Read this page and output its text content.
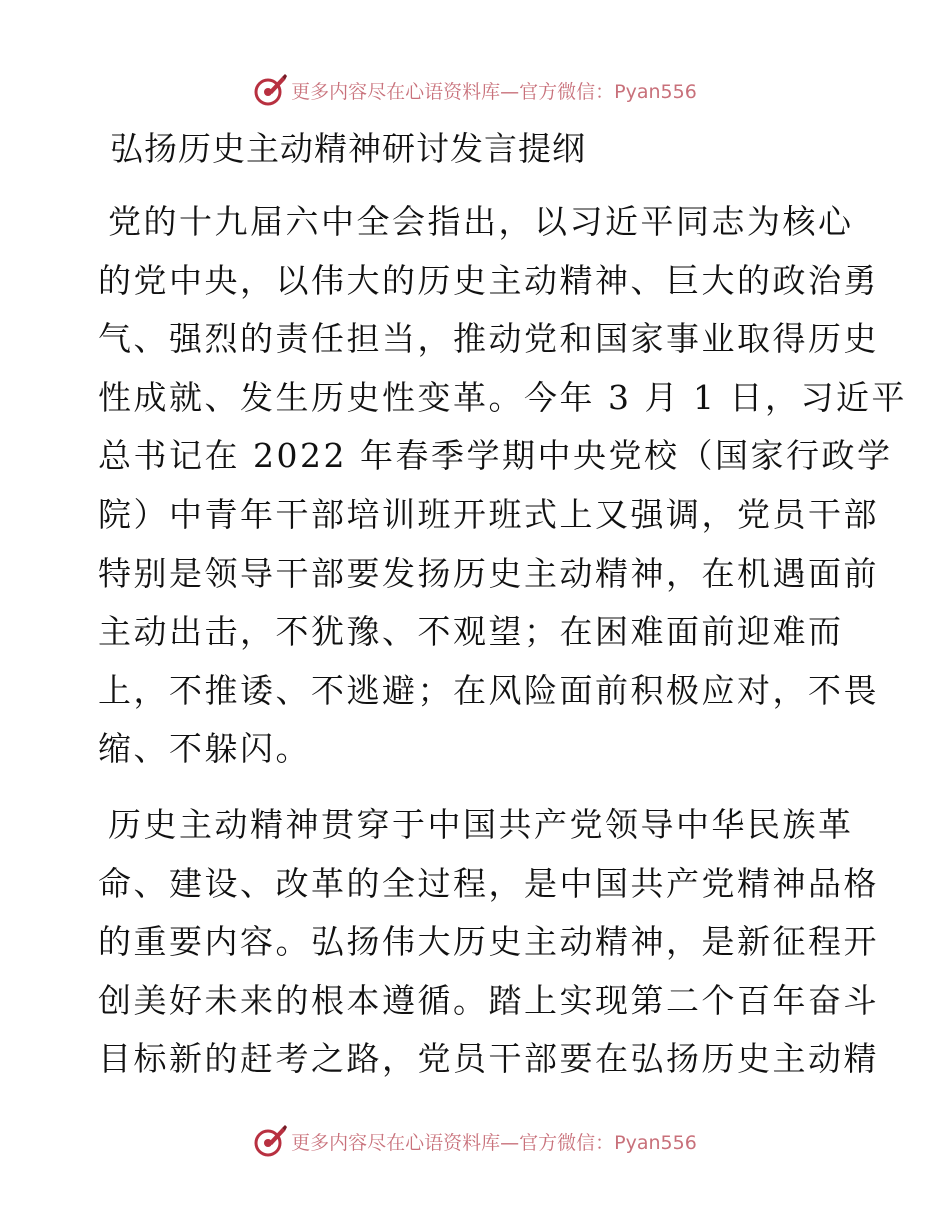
更多内容尽在心语资料库—官方微信：Pyan556
弘扬历史主动精神研讨发言提纲
党的十九届六中全会指出，以习近平同志为核心
的党中央，以伟大的历史主动精神、巨大的政治勇
气、强烈的责任担当，推动党和国家事业取得历史
性成就、发生历史性变革。今年 3 月 1 日，习近平
总书记在 2022 年春季学期中央党校（国家行政学
院）中青年干部培训班开班式上又强调，党员干部
特别是领导干部要发扬历史主动精神，在机遇面前
主动出击，不犹豫、不观望；在困难面前迎难而
上，不推诿、不逃避；在风险面前积极应对，不畏
缩、不躲闪。
历史主动精神贯穿于中国共产党领导中华民族革
命、建设、改革的全过程，是中国共产党精神品格
的重要内容。弘扬伟大历史主动精神，是新征程开
创美好未来的根本遵循。踏上实现第二个百年奋斗
目标新的赶考之路，党员干部要在弘扬历史主动精
更多内容尽在心语资料库—官方微信：Pyan556
